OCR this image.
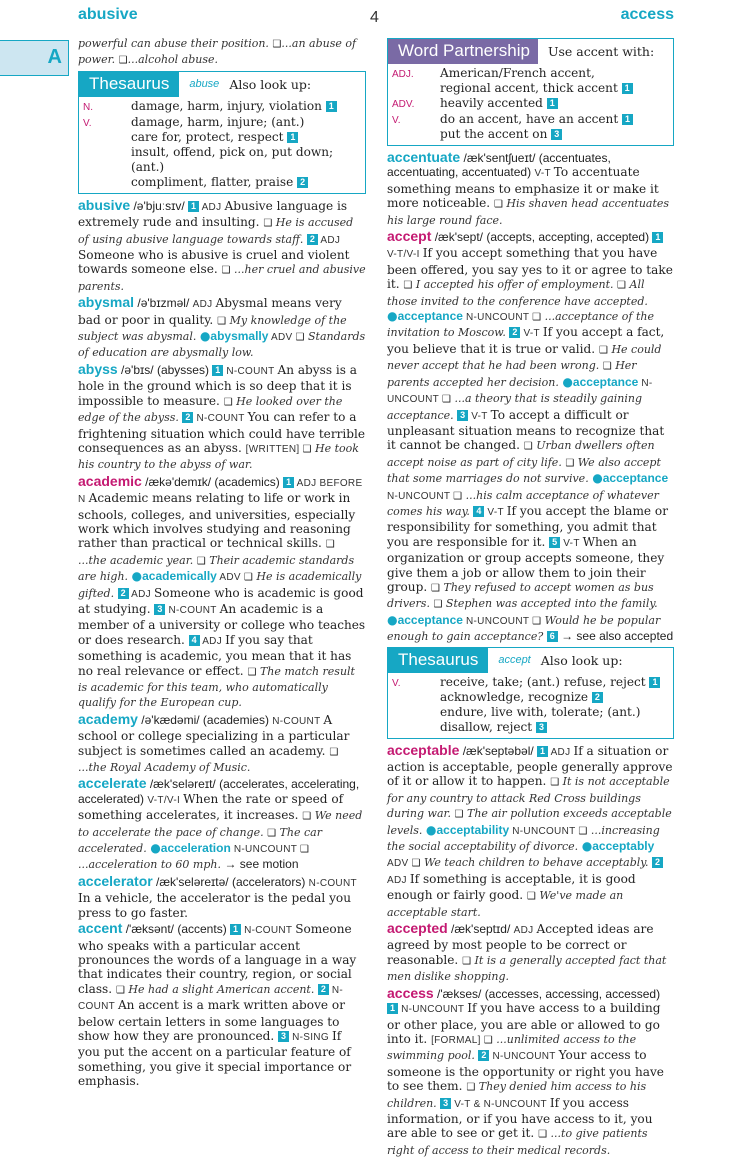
abusive	4	access
A
powerful can abuse their position. ❑...an abuse of power. ❑...alcohol abuse.
Thesaurus	abuse Also look up:
N.	damage, harm, injury, violation 1
V.	damage, harm, injure; (ant.)
care for, protect, respect 1
insult, offend, pick on, put down; (ant.)
compliment, flatter, praise 2
abusive /ə'bjuːsɪv/ 1 ADJ Abusive language is extremely rude and insulting. ❑ He is accused of using abusive language towards staff. 2 ADJ Someone who is abusive is cruel and violent towards someone else. ❑ ...her cruel and abusive parents.
abysmal /ə'bɪzməl/ ADJ Abysmal means very bad or poor in quality. ❑ My knowledge of the subject was abysmal. ●abysmally ADV ❑ Standards of education are abysmally low.
abyss /ə'bɪs/ (abysses) 1 N-COUNT An abyss is a hole in the ground which is so deep that it is impossible to measure. ❑ He looked over the edge of the abyss. 2 N-COUNT You can refer to a frightening situation which could have terrible consequences as an abyss. [WRITTEN] ❑ He took his country to the abyss of war.
academic /ækə'demɪk/ (academics) 1 ADJ BEFORE N Academic means relating to life or work in schools, colleges, and universities, especially work which involves studying and reasoning rather than practical or technical skills. ❑ ...the academic year. ❑ Their academic standards are high. ●academically ADV ❑ He is academically gifted. 2 ADJ Someone who is academic is good at studying. 3 N-COUNT An academic is a member of a university or college who teaches or does research. 4 ADJ If you say that something is academic, you mean that it has no real relevance or effect. ❑ The match result is academic for this team, who automatically qualify for the European cup.
academy /ə'kædəmi/ (academies) N-COUNT A school or college specializing in a particular subject is sometimes called an academy. ❑ ...the Royal Academy of Music.
accelerate /æk'seləreɪt/ (accelerates, accelerating, accelerated) V-T/V-I When the rate or speed of something accelerates, it increases. ❑ We need to accelerate the pace of change. ❑ The car accelerated. ●acceleration N-UNCOUNT ❑ ...acceleration to 60 mph. → see motion
accelerator /æk'seləreɪtə/ (accelerators) N-COUNT In a vehicle, the accelerator is the pedal you press to go faster.
accent /'æksənt/ (accents) 1 N-COUNT Someone who speaks with a particular accent pronounces the words of a language in a way that indicates their country, region, or social class. ❑ He had a slight American accent. 2 N-COUNT An accent is a mark written above or below certain letters in some languages to show how they are pronounced. 3 N-SING If you put the accent on a particular feature of something, you give it special importance or emphasis.
Word Partnership	Use accent with:
ADJ.	American/French accent,
regional accent, thick accent 1
ADV.	heavily accented 1
V.	do an accent, have an accent 1
put the accent on 3
accentuate /æk'sentʃueɪt/ (accentuates, accentuating, accentuated) V-T To accentuate something means to emphasize it or make it more noticeable. ❑ His shaven head accentuates his large round face.
accept /æk'sept/ (accepts, accepting, accepted) 1 V-T/V-I If you accept something that you have been offered, you say yes to it or agree to take it. ❑ I accepted his offer of employment. ❑ All those invited to the conference have accepted. ●acceptance N-UNCOUNT ❑ ...acceptance of the invitation to Moscow. 2 V-T If you accept a fact, you believe that it is true or valid. ❑ He could never accept that he had been wrong. ❑ Her parents accepted her decision. ●acceptance N-UNCOUNT ❑ ...a theory that is steadily gaining acceptance. 3 V-T To accept a difficult or unpleasant situation means to recognize that it cannot be changed. ❑ Urban dwellers often accept noise as part of city life. ❑ We also accept that some marriages do not survive. ●acceptance N-UNCOUNT ❑ ...his calm acceptance of whatever comes his way. 4 V-T If you accept the blame or responsibility for something, you admit that you are responsible for it. 5 V-T When an organization or group accepts someone, they give them a job or allow them to join their group. ❑ They refused to accept women as bus drivers. ❑ Stephen was accepted into the family. ●acceptance N-UNCOUNT ❑ Would he be popular enough to gain acceptance? 6 → see also accepted
Thesaurus	accept Also look up:
V.	receive, take; (ant.) refuse, reject 1
acknowledge, recognize 2
endure, live with, tolerate; (ant.)
disallow, reject 3
acceptable /æk'septəbəl/ 1 ADJ If a situation or action is acceptable, people generally approve of it or allow it to happen. ❑ It is not acceptable for any country to attack Red Cross buildings during war. ❑ The air pollution exceeds acceptable levels. ●acceptability N-UNCOUNT ❑ ...increasing the social acceptability of divorce. ●acceptably ADV ❑ We teach children to behave acceptably. 2 ADJ If something is acceptable, it is good enough or fairly good. ❑ We've made an acceptable start.
accepted /æk'septɪd/ ADJ Accepted ideas are agreed by most people to be correct or reasonable. ❑ It is a generally accepted fact that men dislike shopping.
access /'ækses/ (accesses, accessing, accessed) 1 N-UNCOUNT If you have access to a building or other place, you are able or allowed to go into it. [FORMAL] ❑ ...unlimited access to the swimming pool. 2 N-UNCOUNT Your access to someone is the opportunity or right you have to see them. ❑ They denied him access to his children. 3 V-T & N-UNCOUNT If you access information, or if you have access to it, you are able to see or get it. ❑ ...to give patients right of access to their medical records.
